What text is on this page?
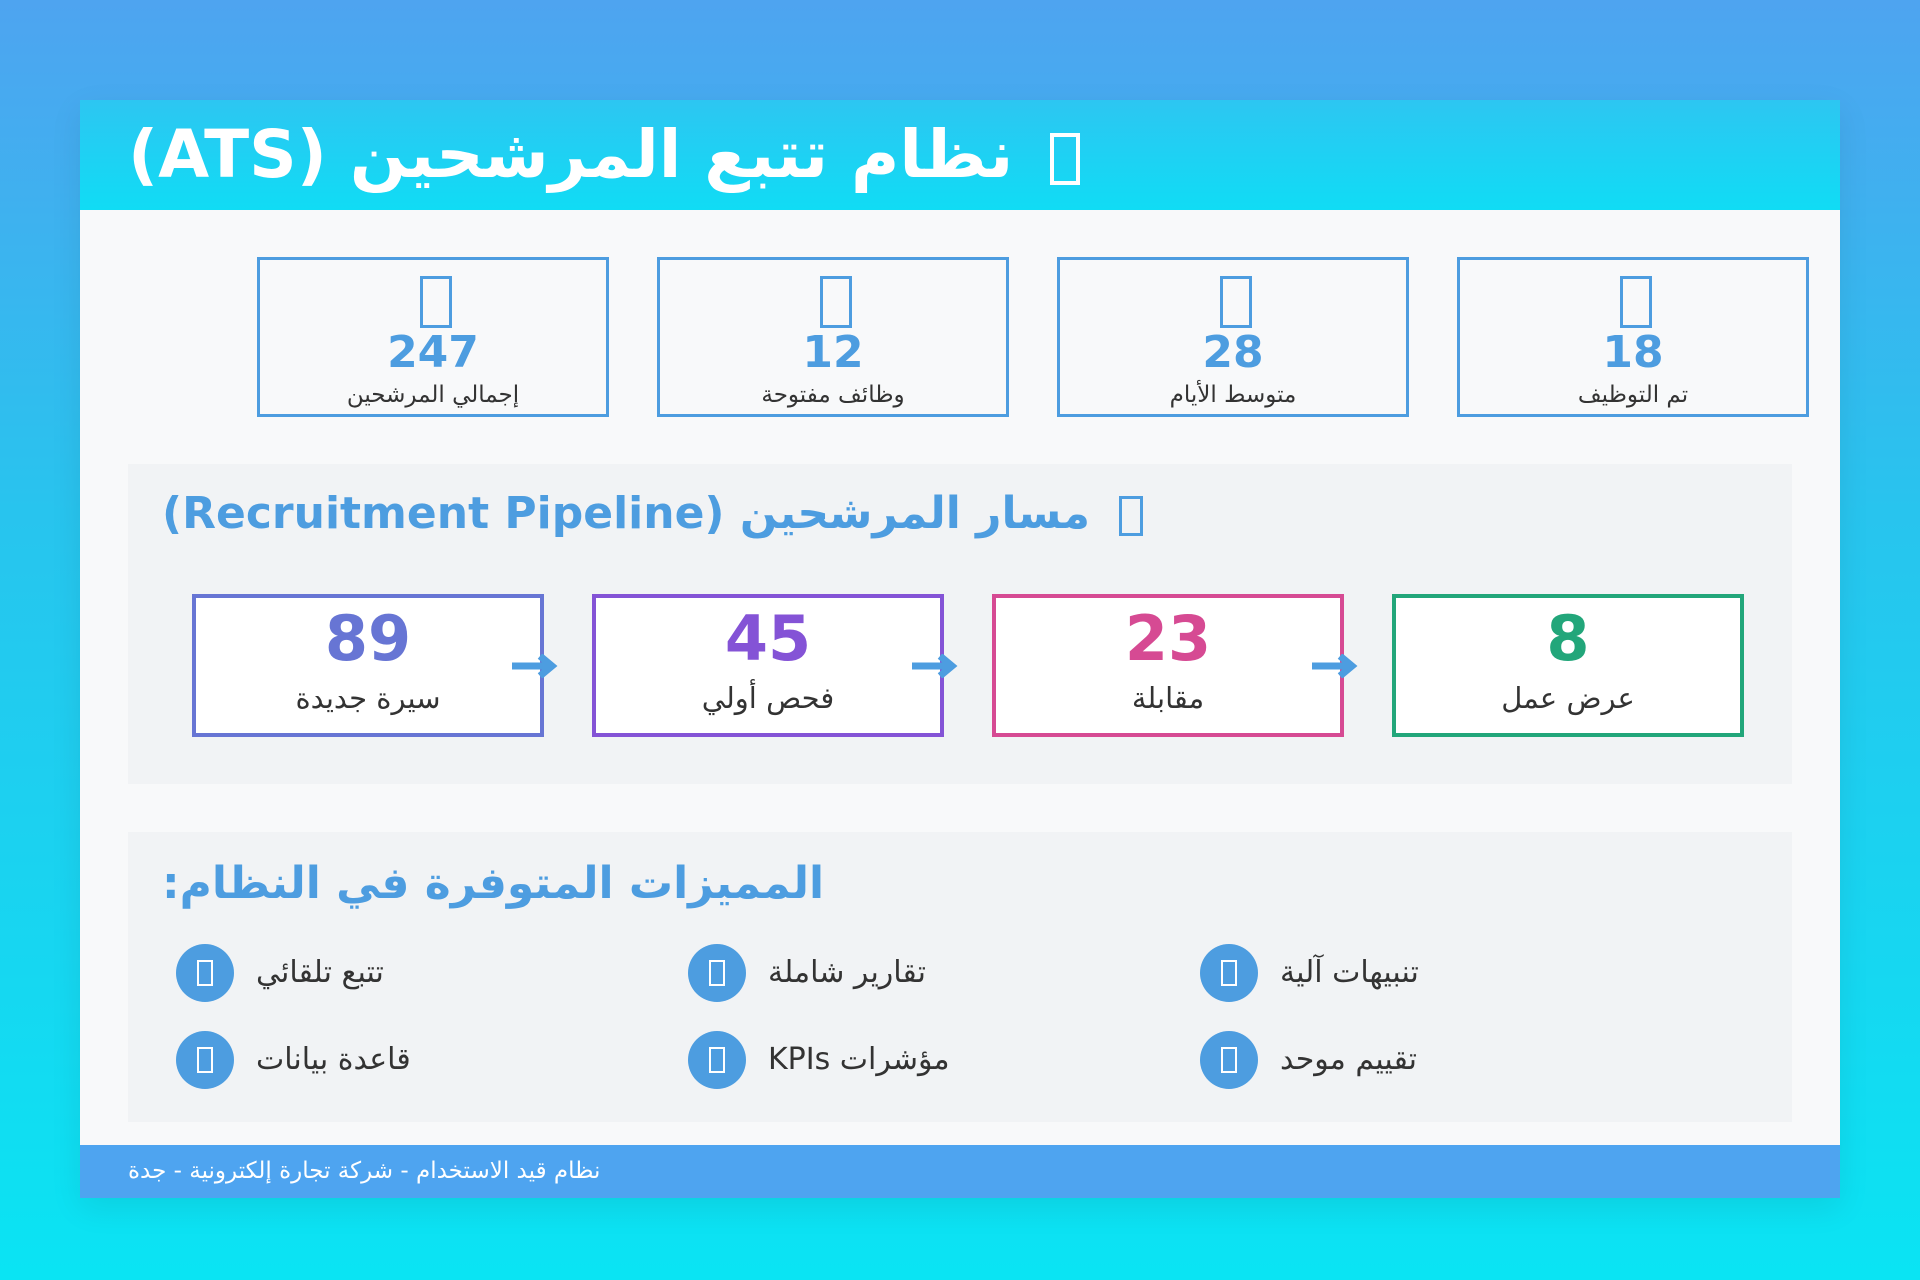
نظام تتبع المرشحين (ATS)
247
إجمالي المرشحين
12
وظائف مفتوحة
28
متوسط الأيام
18
تم التوظيف
مسار المرشحين (Recruitment Pipeline)
89
سيرة جديدة
45
فحص أولي
23
مقابلة
8
عرض عمل
المميزات المتوفرة في النظام:
تتبع تلقائي	تقارير شاملة	تنبيهات آلية
قاعدة بيانات	مؤشرات KPIs	تقييم موحد
نظام قيد الاستخدام - شركة تجارة إلكترونية - جدة
